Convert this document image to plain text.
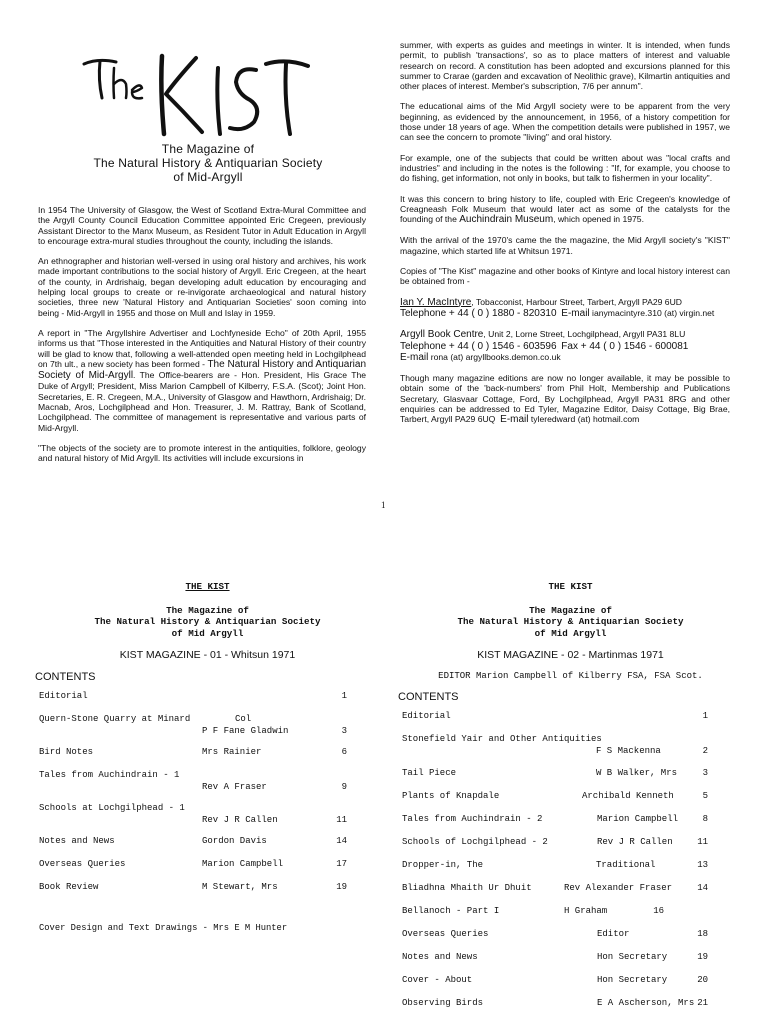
The Magazine of
The Natural History & Antiquarian Society
of Mid-Argyll

In 1954 The University of Glasgow, the West of Scotland Extra-Mural Committee and the Argyll County Council Education Committee appointed Eric Cregeen, previously Assistant Director to the Manx Museum, as Resident Tutor in Adult Education in Argyll to encourage extra-mural studies throughout the county, including the islands.

An ethnographer and historian well-versed in using oral history and archives, his work made important contributions to the social history of Argyll. Eric Cregeen, at the heart of the county, in Ardrishaig, began developing adult education by encouraging and helping local groups to create or re-invigorate archaeological and natural history societies, three new 'Natural History and Antiquarian Societies' soon coming into being - Mid-Argyll in 1955 and those on Mull and Islay in 1959.

A report in "The Argyllshire Advertiser and Lochfyneside Echo" of 20th April, 1955 informs us that "Those interested in the Antiquities and Natural History of their country will be glad to know that, following a well-attended open meeting held in Lochgilphead on 7th ult., a new society has been formed - The Natural History and Antiquarian Society of Mid-Argyll. The Office-bearers are - Hon. President, His Grace The Duke of Argyll; President, Miss Marion Campbell of Kilberry, F.S.A. (Scot); Joint Hon. Secretaries, E. R. Cregeen, M.A., University of Glasgow and Hawthorn, Ardrishaig; Dr. Macnab, Aros, Lochgilphead and Hon. Treasurer, J. M. Rattray, Bank of Scotland, Lochgilphead. The committee of management is representative and various parts of Mid-Argyll.

"The objects of the society are to promote interest in the antiquities, folklore, geology and natural history of Mid Argyll. Its activities will include excursions in

summer, with experts as guides and meetings in winter. It is intended, when funds permit, to publish 'transactions', so as to place matters of interest and valuable research on record. A constitution has been adopted and excursions planned for this summer to Crarae (garden and excavation of Neolithic grave), Kilmartin antiquities and other places of interest. Member's subscription, 7/6 per annum".

The educational aims of the Mid Argyll society were to be apparent from the very beginning, as evidenced by the announcement, in 1956, of a history competition for those under 18 years of age. When the competition details were published in 1957, we can see the concern to promote "living" and oral history.

For example, one of the subjects that could be written about was "local crafts and industries" and including in the notes is the following : "If, for example, you choose to do fishing, get information, not only in books, but talk to fishermen in your locality".

It was this concern to bring history to life, coupled with Eric Cregeen's knowledge of Creagneash Folk Museum that would later act as some of the catalysts for the founding of the Auchindrain Museum, which opened in 1975.

With the arrival of the 1970's came the the magazine, the Mid Argyll society's "KIST" magazine, which started life at Whitsun 1971.

Copies of "The Kist" magazine and other books of Kintyre and local history interest can be obtained from -

Ian Y. MacIntyre, Tobacconist, Harbour Street, Tarbert, Argyll PA29 6UD
Telephone + 44 ( 0 ) 1880 - 820310 E-mail ianymacintyre.310 (at) virgin.net

Argyll Book Centre, Unit 2, Lorne Street, Lochgilphead, Argyll PA31 8LU
Telephone + 44 ( 0 ) 1546 - 603596 Fax + 44 ( 0 ) 1546 - 600081
E-mail rona (at) argyllbooks.demon.co.uk

Though many magazine editions are now no longer available, it may be possible to obtain some of the 'back-numbers' from Phil Holt, Membership and Publications Secretary, Glasvaar Cottage, Ford, By Lochgilphead, Argyll PA31 8RG and other enquiries can be addressed to Ed Tyler, Magazine Editor, Daisy Cottage, Big Brae, Tarbert, Argyll PA29 6UQ E-mail tyleredward (at) hotmail.com

1
THE KIST
The Magazine of
The Natural History & Antiquarian Society
of Mid Argyll
KIST MAGAZINE - 01 - Whitsun 1971
CONTENTS
Editorial	1
Quern-Stone Quarry at Minard	Col
P F Fane Gladwin	3
Bird Notes	Mrs Rainier	6
Tales from Auchindrain - 1
Rev A Fraser	9
Schools at Lochgilphead - 1
Rev J R Callen	11
Notes and News	Gordon Davis	14
Overseas Queries	Marion Campbell	17
Book Review	M Stewart, Mrs	19
Cover Design and Text Drawings - Mrs E M Hunter
THE KIST
The Magazine of
The Natural History & Antiquarian Society
of Mid Argyll
KIST MAGAZINE - 02 - Martinmas 1971
EDITOR Marion Campbell of Kilberry FSA, FSA Scot.
CONTENTS
Editorial	1
Stonefield Yair and Other Antiquities
F S Mackenna	2
Tail Piece	W B Walker, Mrs	3
Plants of Knapdale	Archibald Kenneth	5
Tales from Auchindrain - 2	Marion Campbell	8
Schools of Lochgilphead - 2	Rev J R Callen	11
Dropper-in, The	Traditional	13
Bliadhna Mhaith Ur Dhuit	Rev Alexander Fraser	14
Bellanoch - Part I	H Graham	16
Overseas Queries	Editor	18
Notes and News	Hon Secretary	19
Cover - About	Hon Secretary	20
Observing Birds	E A Ascherson, Mrs 21
